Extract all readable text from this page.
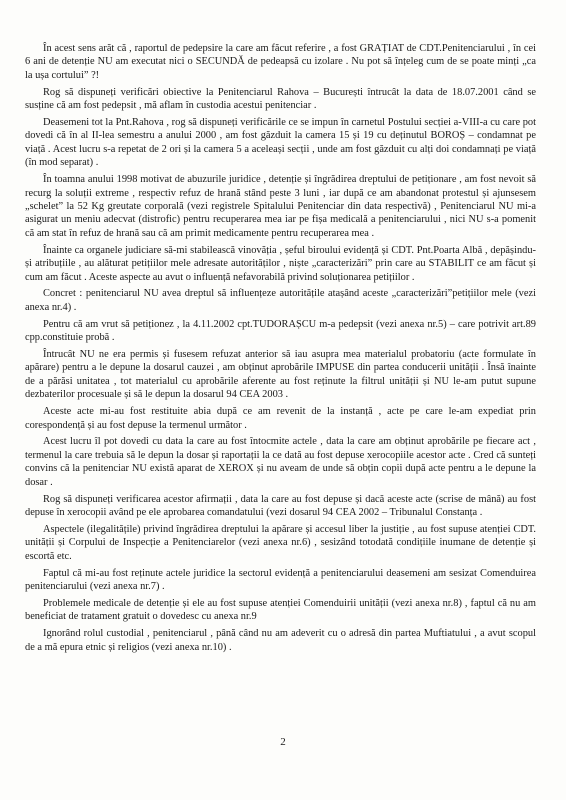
În acest sens arăt că , raportul de pedepsire la care am făcut referire , a fost GRAȚIAT de CDT.Penitenciarului , în cei 6 ani de detenție NU am executat nici o SECUNDĂ de pedeapsă cu izolare . Nu pot să înțeleg cum de se poate minți „ca la ușa cortului” ?!

Rog să dispuneți verificări obiective la Penitenciarul Rahova – București întrucât la data de 18.07.2001 când se susține că am fost pedepsit , mă aflam în custodia acestui penitenciar .

Deasemeni tot la Pnt.Rahova , rog să dispuneți verificările ce se impun în carnetul Postului secției a-VIII-a cu care pot dovedi că în al II-lea semestru a anului 2000 , am fost găzduit la camera 15 și 19 cu deținutul BOROȘ – condamnat pe viață . Acest lucru s-a repetat de 2 ori și la camera 5 a aceleași secții , unde am fost găzduit cu alți doi condamnați pe viață (în mod separat) .

În toamna anului 1998 motivat de abuzurile juridice , detenție și îngrădirea dreptului de petiționare , am fost nevoit să recurg la soluții extreme , respectiv refuz de hrană stând peste 3 luni , iar după ce am abandonat protestul și ajunsesem „schelet” la 52 Kg greutate corporală (vezi registrele Spitalului Penitenciar din data respectivă) , Penitenciarul NU mi-a asigurat un meniu adecvat (distrofic) pentru recuperarea mea iar pe fișa medicală a penitenciarului , nici NU s-a pomenit că am stat în refuz de hrană sau că am primit medicamente pentru recuperarea mea .

Înainte ca organele judiciare să-mi stabilească vinovăția , șeful biroului evidență și CDT. Pnt.Poarta Albă , depășindu-și atribuțiile , au alăturat petițiilor mele adresate autorităților , niște „caracterizări” prin care au STABILIT ce am făcut și cum am făcut . Aceste aspecte au avut o influență nefavorabilă privind soluționarea petițiilor .

Concret : penitenciarul NU avea dreptul să influențeze autoritățile atașând aceste „caracterizări”petițiilor mele (vezi anexa nr.4) .

Pentru că am vrut să petiționez , la 4.11.2002 cpt.TUDORAȘCU m-a pedepsit (vezi anexa nr.5) – care potrivit art.89 cpp.constituie probă .

Întrucât NU ne era permis și fusesem refuzat anterior să iau asupra mea materialul probatoriu (acte formulate în apărare) pentru a le depune la dosarul cauzei , am obținut aprobările IMPUSE din partea conducerii unității . Însă înainte de a părăsi unitatea , tot materialul cu aprobările aferente au fost reținute la filtrul unității și NU le-am putut supune dezbaterilor procesuale și să le depun la dosarul 94 CEA 2003 .

Aceste acte mi-au fost restituite abia după ce am revenit de la instanță , acte pe care le-am expediat prin corespondență și au fost depuse la termenul următor .

Acest lucru îl pot dovedi cu data la care au fost întocmite actele , data la care am obținut aprobările pe fiecare act , termenul la care trebuia să le depun la dosar și raportații la ce dată au fost depuse xerocopiile acestor acte . Cred că sunteți convins că la penitenciar NU există aparat de XEROX și nu aveam de unde să obțin copii după acte pentru a le depune la dosar .

Rog să dispuneți verificarea acestor afirmații , data la care au fost depuse și dacă aceste acte (scrise de mână) au fost depuse în xerocopii având pe ele aprobarea comandatului (vezi dosarul 94 CEA 2002 – Tribunalul Constanța .

Aspectele (ilegalitățile) privind îngrădirea dreptului la apărare și accesul liber la justiție , au fost supuse atenției CDT. unității și Corpului de Inspecție a Penitenciarelor (vezi anexa nr.6) , sesizând totodată condițiile inumane de detenție și escortă etc.

Faptul că mi-au fost reținute actele juridice la sectorul evidență a penitenciarului deasemeni am sesizat Comenduirea penitenciarului (vezi anexa nr.7) .

Problemele medicale de detenție și ele au fost supuse atenției Comenduirii unității (vezi anexa nr.8) , faptul că nu am beneficiat de tratament gratuit o dovedesc cu anexa nr.9

Ignorând rolul custodial , penitenciarul , până când nu am adeverit cu o adresă din partea Muftiatului , a avut scopul de a mă epura etnic și religios (vezi anexa nr.10) .

2
